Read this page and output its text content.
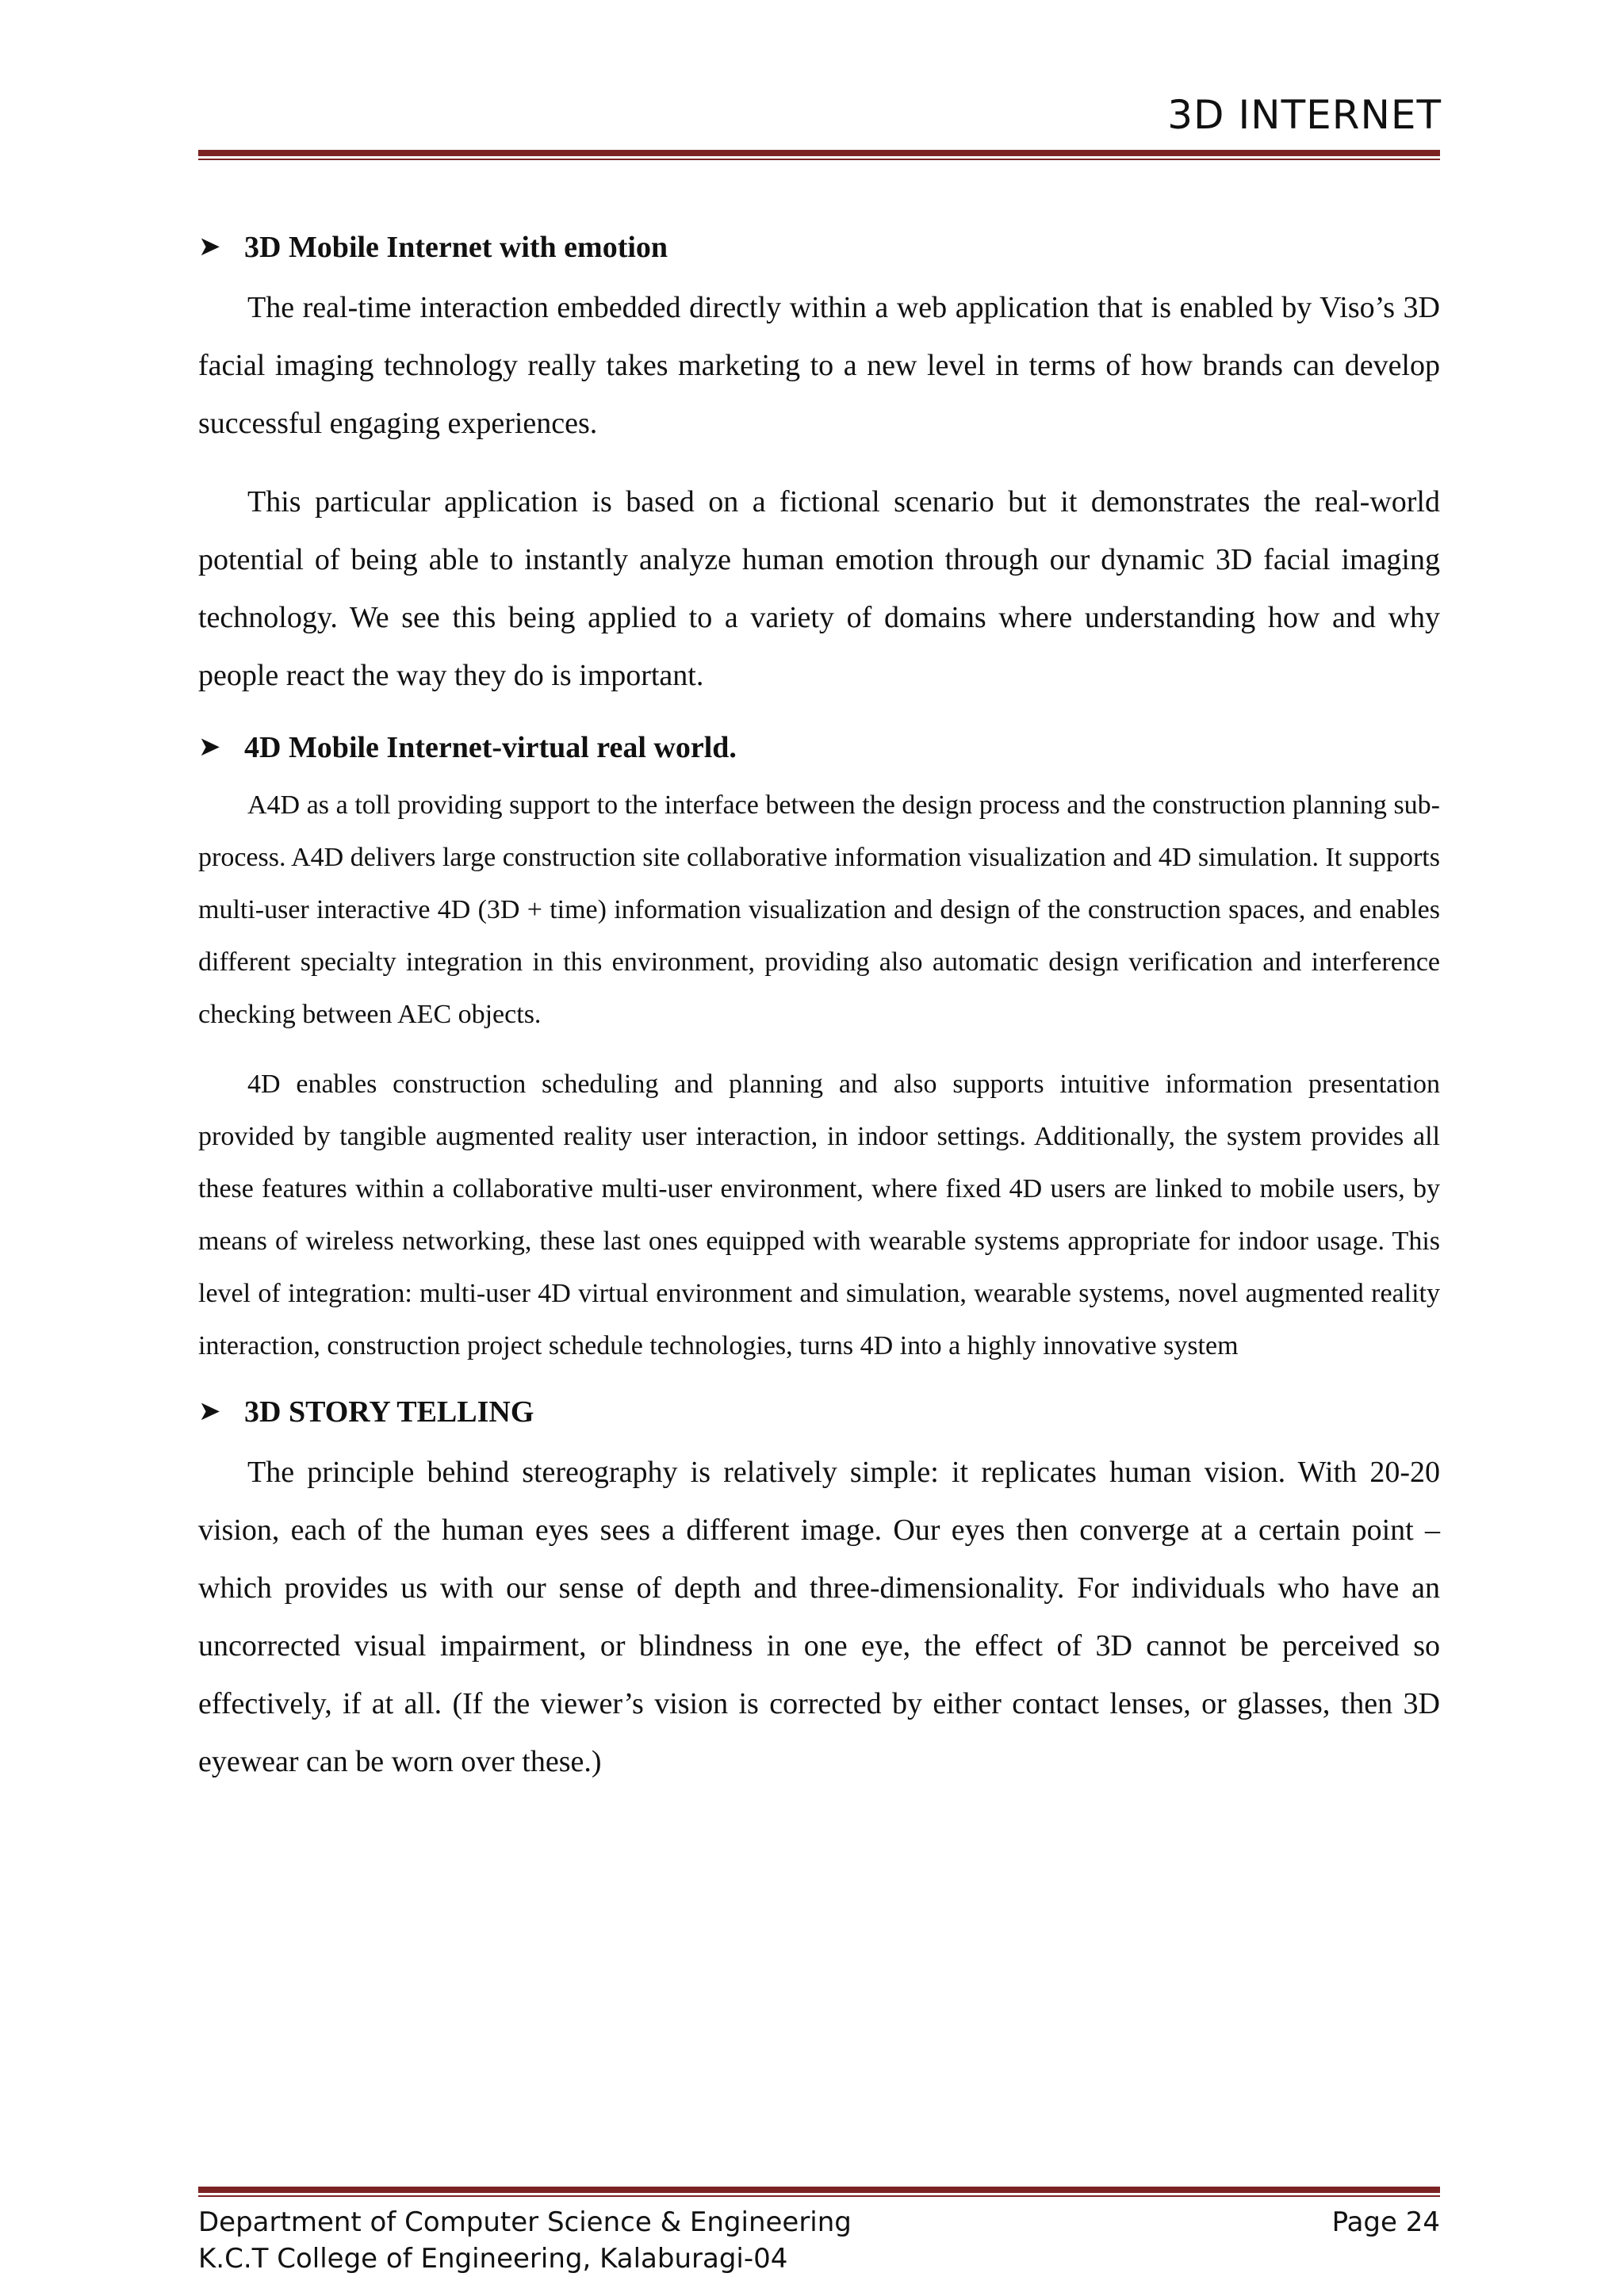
3D INTERNET
➤ 3D Mobile Internet with emotion

The real-time interaction embedded directly within a web application that is enabled by Viso’s 3D facial imaging technology really takes marketing to a new level in terms of how brands can develop successful engaging experiences.

This particular application is based on a fictional scenario but it demonstrates the real-world potential of being able to instantly analyze human emotion through our dynamic 3D facial imaging technology. We see this being applied to a variety of domains where understanding how and why people react the way they do is important.

➤ 4D Mobile Internet-virtual real world.

A4D as a toll providing support to the interface between the design process and the construction planning sub-process. A4D delivers large construction site collaborative information visualization and 4D simulation. It supports multi-user interactive 4D (3D + time) information visualization and design of the construction spaces, and enables different specialty integration in this environment, providing also automatic design verification and interference checking between AEC objects.

4D enables construction scheduling and planning and also supports intuitive information presentation provided by tangible augmented reality user interaction, in indoor settings. Additionally, the system provides all these features within a collaborative multi-user environment, where fixed 4D users are linked to mobile users, by means of wireless networking, these last ones equipped with wearable systems appropriate for indoor usage. This level of integration: multi-user 4D virtual environment and simulation, wearable systems, novel augmented reality interaction, construction project schedule technologies, turns 4D into a highly innovative system

➤ 3D STORY TELLING

The principle behind stereography is relatively simple: it replicates human vision. With 20-20 vision, each of the human eyes sees a different image. Our eyes then converge at a certain point – which provides us with our sense of depth and three-dimensionality. For individuals who have an uncorrected visual impairment, or blindness in one eye, the effect of 3D cannot be perceived so effectively, if at all. (If the viewer’s vision is corrected by either contact lenses, or glasses, then 3D eyewear can be worn over these.)

Department of Computer Science & Engineering	Page 24
K.C.T College of Engineering, Kalaburagi-04
